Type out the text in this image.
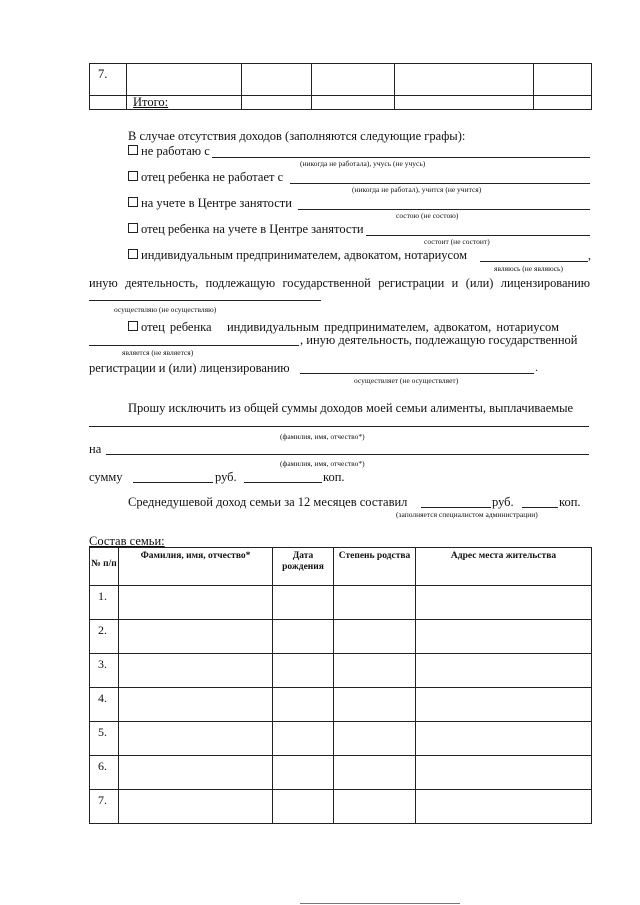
7.					
	Итого:				
В случае отсутствия доходов (заполняются следующие графы):
не работаю с
(никогда не работала), учусь (не учусь)
отец ребенка не работает с
(никогда не работал), учится (не учится)
на учете в Центре занятости
состою (не состою)
отец ребенка на учете в Центре занятости
состоит (не состоит)
индивидуальным предпринимателем, адвокатом, нотариусом	,
являюсь (не являюсь)
иную деятельность, подлежащую государственной регистрации и (или) лицензированию
осуществляю (не осуществляю)
отец ребенка   индивидуальным предпринимателем, адвокатом, нотариусом
, иную деятельность, подлежащую государственной
является (не является)
регистрации и (или) лицензированию	.
осуществляет (не осуществляет)
Прошу исключить из общей суммы доходов моей семьи алименты, выплачиваемые
(фамилия, имя, отчество*)
на
(фамилия, имя, отчество*)
сумму	руб.	коп.
Среднедушевой доход семьи за 12 месяцев составил	руб.	коп.
(заполняется специалистом администрации)
Состав семьи:
№ п/п	Фамилия, имя, отчество*	Дата рождения	Степень родства	Адрес места жительства
1.				
2.				
3.				
4.				
5.				
6.				
7.				
